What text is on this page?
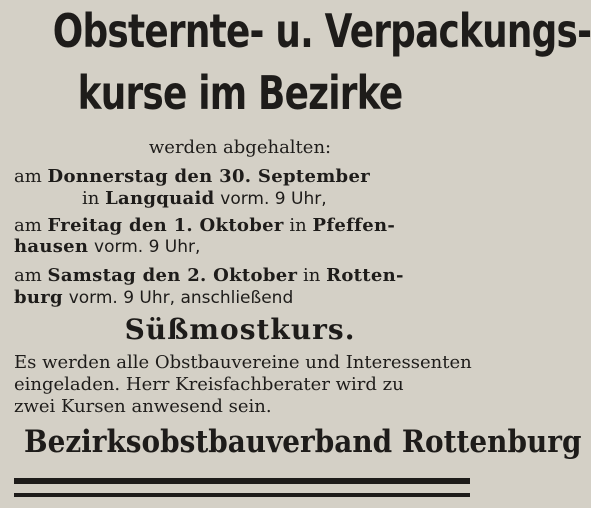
Obsternte- u. Verpackungs-
kurse im Bezirke
werden abgehalten:
am Donnerstag den 30. September
in Langquaid vorm. 9 Uhr,
am Freitag den 1. Oktober in Pfeffen-
hausen vorm. 9 Uhr,
am Samstag den 2. Oktober in Rotten-
burg vorm. 9 Uhr, anschließend
Süßmostkurs.
Es werden alle Obstbauvereine und Interessenten
eingeladen. Herr Kreisfachberater wird zu
zwei Kursen anwesend sein.
Bezirksobstbauverband Rottenburg
